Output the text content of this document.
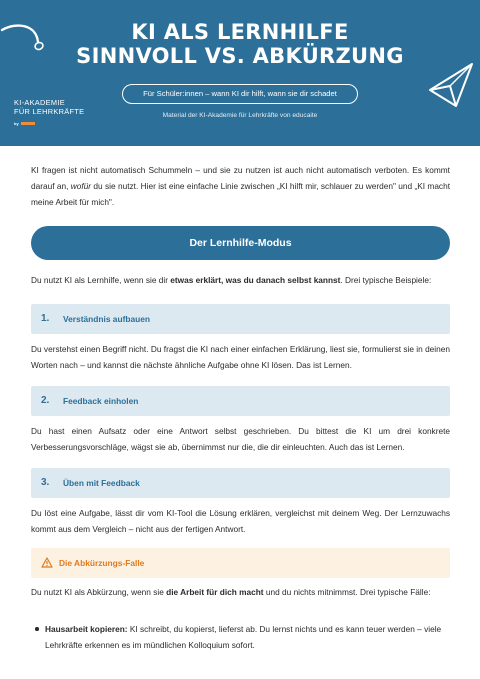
KI ALS LERNHILFE
SINNVOLL VS. ABKÜRZUNG
Für Schüler:innen – wann KI dir hilft, wann sie dir schadet
Material der KI-Akademie für Lehrkräfte von educaite
KI-AKADEMIE
FÜR LEHRKRÄFTE
by

KI fragen ist nicht automatisch Schummeln – und sie zu nutzen ist auch nicht automatisch verboten. Es kommt darauf an, wofür du sie nutzt. Hier ist eine einfache Linie zwischen „KI hilft mir, schlauer zu werden" und „KI macht meine Arbeit für mich".

Der Lernhilfe-Modus

Du nutzt KI als Lernhilfe, wenn sie dir etwas erklärt, was du danach selbst kannst. Drei typische Beispiele:

1. Verständnis aufbauen

Du verstehst einen Begriff nicht. Du fragst die KI nach einer einfachen Erklärung, liest sie, formulierst sie in deinen Worten nach – und kannst die nächste ähnliche Aufgabe ohne KI lösen. Das ist Lernen.

2. Feedback einholen

Du hast einen Aufsatz oder eine Antwort selbst geschrieben. Du bittest die KI um drei konkrete Verbesserungsvorschläge, wägst sie ab, übernimmst nur die, die dir einleuchten. Auch das ist Lernen.

3. Üben mit Feedback

Du löst eine Aufgabe, lässt dir vom KI-Tool die Lösung erklären, vergleichst mit deinem Weg. Der Lernzuwachs kommt aus dem Vergleich – nicht aus der fertigen Antwort.

Die Abkürzungs-Falle

Du nutzt KI als Abkürzung, wenn sie die Arbeit für dich macht und du nichts mitnimmst. Drei typische Fälle:

Hausarbeit kopieren: KI schreibt, du kopierst, lieferst ab. Du lernst nichts und es kann teuer werden – viele Lehrkräfte erkennen es im mündlichen Kolloquium sofort.
